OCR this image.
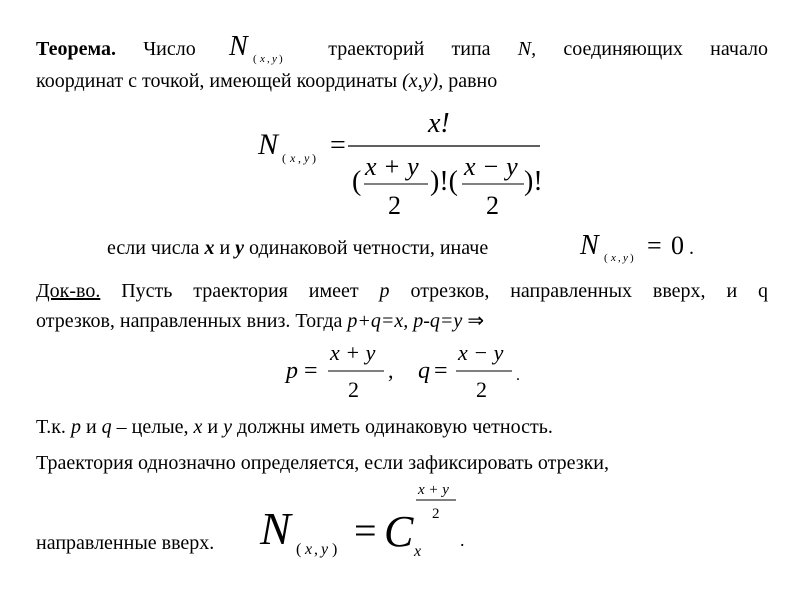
Теорема. Число	траекторий типа N, соединяющих начало
координат с точкой, имеющей координаты (x,y), равно
N ( x , y )
N ( x , y ) =
x!
( x + y
2
)!( x − y
2
)!
если числа x и y одинаковой четности, иначе	N ( x , y ) = 0 .
Док-во. Пусть траектория имеет p отрезков, направленных вверх, и q
отрезков, направленных вниз. Тогда p+q=x, p-q=y ⇒
p =
x + y
2
, q =
x − y
2
.
Т.к. p и q – целые, x и y должны иметь одинаковую четность.
Траектория однозначно определяется, если зафиксировать отрезки,
направленные вверх. N ( x , y ) = C x
x + y
2
.
